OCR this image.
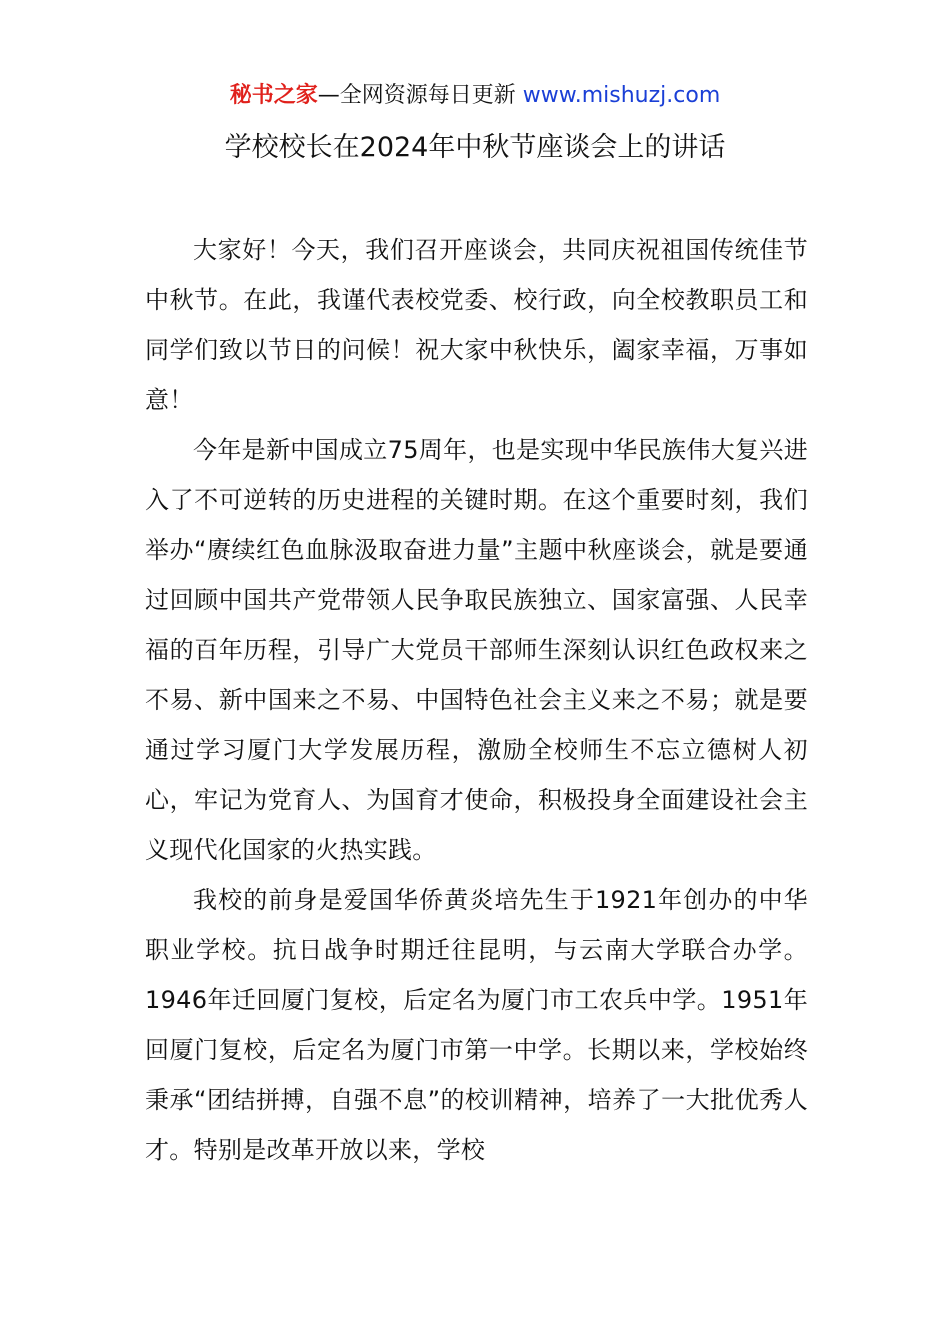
秘书之家—全网资源每日更新 www.mishuzj.com
学校校长在2024年中秋节座谈会上的讲话

大家好！今天，我们召开座谈会，共同庆祝祖国传统佳节中秋节。在此，我谨代表校党委、校行政，向全校教职员工和同学们致以节日的问候！祝大家中秋快乐，阖家幸福，万事如意！

今年是新中国成立75周年，也是实现中华民族伟大复兴进入了不可逆转的历史进程的关键时期。在这个重要时刻，我们举办“赓续红色血脉汲取奋进力量”主题中秋座谈会，就是要通过回顾中国共产党带领人民争取民族独立、国家富强、人民幸福的百年历程，引导广大党员干部师生深刻认识红色政权来之不易、新中国来之不易、中国特色社会主义来之不易；就是要通过学习厦门大学发展历程，激励全校师生不忘立德树人初心，牢记为党育人、为国育才使命，积极投身全面建设社会主义现代化国家的火热实践。

我校的前身是爱国华侨黄炎培先生于1921年创办的中华职业学校。抗日战争时期迁往昆明，与云南大学联合办学。1946年迁回厦门复校，后定名为厦门市工农兵中学。1951年回厦门复校，后定名为厦门市第一中学。长期以来，学校始终秉承“团结拼搏，自强不息”的校训精神，培养了一大批优秀人才。特别是改革开放以来，学校
